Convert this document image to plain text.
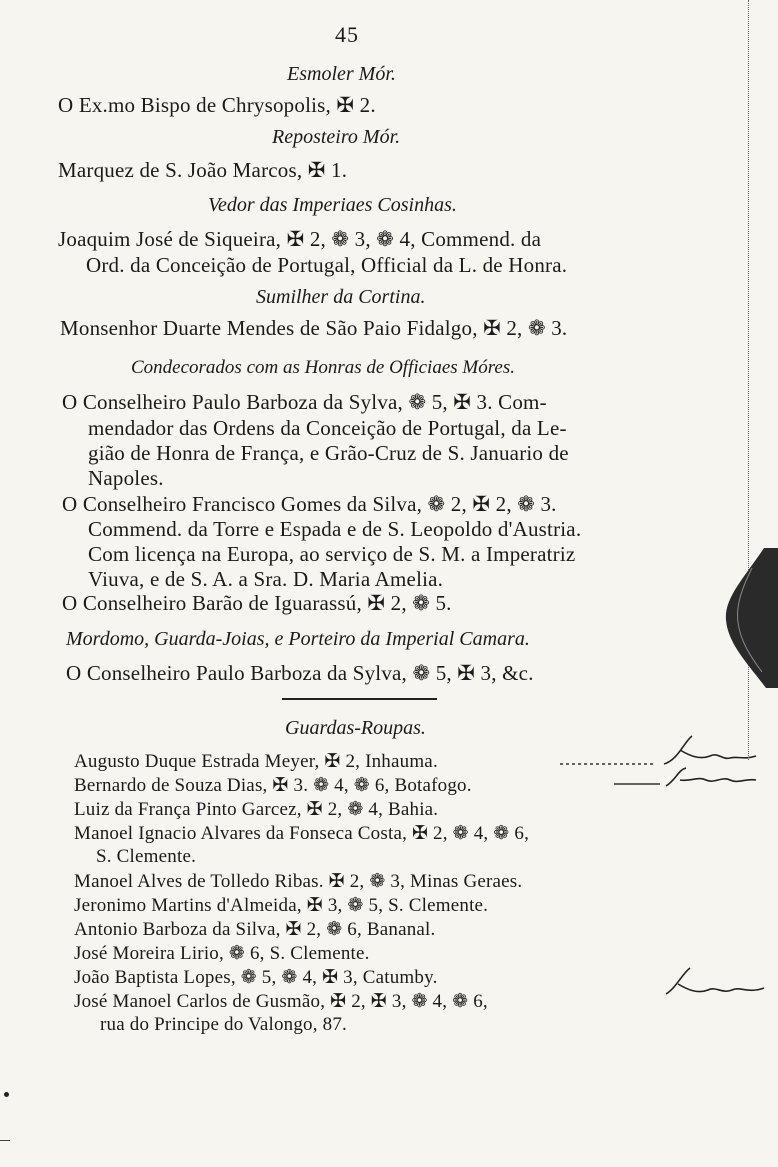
45
Esmoler Mór.
O Ex.mo Bispo de Chrysopolis, ✠ 2.
Reposteiro Mór.
Marquez de S. João Marcos, ✠ 1.
Vedor das Imperiaes Cosinhas.
Joaquim José de Siqueira, ✠ 2, ❁ 3, ❁ 4, Commend. da
Ord. da Conceição de Portugal, Official da L. de Honra.
Sumilher da Cortina.
Monsenhor Duarte Mendes de São Paio Fidalgo, ✠ 2, ❁ 3.
Condecorados com as Honras de Officiaes Móres.
O Conselheiro Paulo Barboza da Sylva, ❁ 5, ✠ 3. Com-
mendador das Ordens da Conceição de Portugal, da Le-
gião de Honra de França, e Grão-Cruz de S. Januario de
Napoles.
O Conselheiro Francisco Gomes da Silva, ❁ 2, ✠ 2, ❁ 3.
Commend. da Torre e Espada e de S. Leopoldo d'Austria.
Com licença na Europa, ao serviço de S. M. a Imperatriz
Viuva, e de S. A. a Sra. D. Maria Amelia.
O Conselheiro Barão de Iguarassú, ✠ 2, ❁ 5.
Mordomo, Guarda-Joias, e Porteiro da Imperial Camara.
O Conselheiro Paulo Barboza da Sylva, ❁ 5, ✠ 3, &c.
Guardas-Roupas.
Augusto Duque Estrada Meyer, ✠ 2, Inhauma.
Bernardo de Souza Dias, ✠ 3. ❁ 4, ❁ 6, Botafogo.
Luiz da França Pinto Garcez, ✠ 2, ❁ 4, Bahia.
Manoel Ignacio Alvares da Fonseca Costa, ✠ 2, ❁ 4, ❁ 6,
S. Clemente.
Manoel Alves de Tolledo Ribas. ✠ 2, ❁ 3, Minas Geraes.
Jeronimo Martins d'Almeida, ✠ 3, ❁ 5, S. Clemente.
Antonio Barboza da Silva, ✠ 2, ❁ 6, Bananal.
José Moreira Lirio, ❁ 6, S. Clemente.
João Baptista Lopes, ❁ 5, ❁ 4, ✠ 3, Catumby.
José Manoel Carlos de Gusmão, ✠ 2, ✠ 3, ❁ 4, ❁ 6,
rua do Principe do Valongo, 87.
